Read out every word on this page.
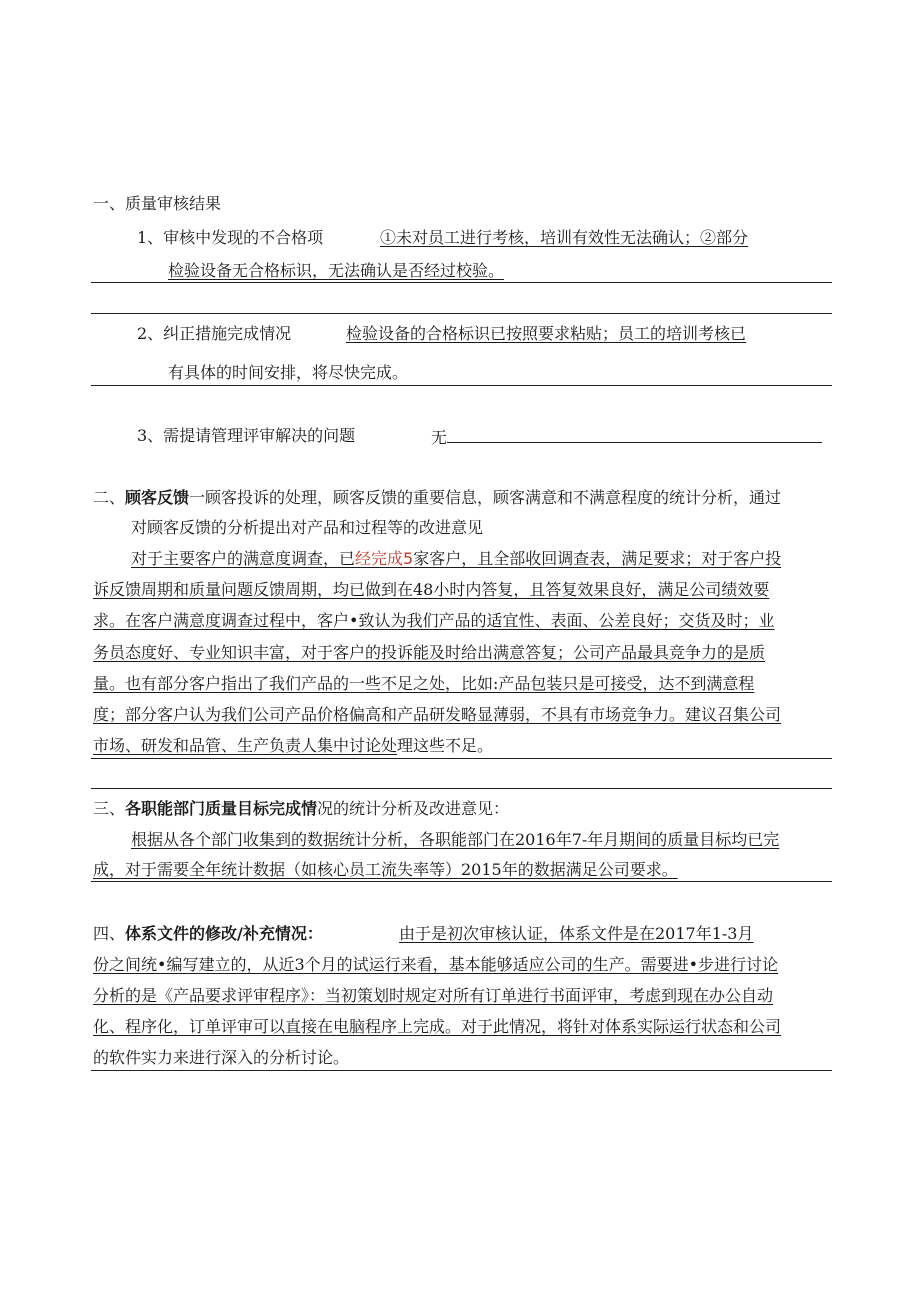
一、质量审核结果
1、审核中发现的不合格项	①未对员工进行考核，培训有效性无法确认；②部分
检验设备无合格标识，无法确认是否经过校验。
2、纠正措施完成情况	检验设备的合格标识已按照要求粘贴；员工的培训考核已
有具体的时间安排，将尽快完成。
3、需提请管理评审解决的问题	无
二、顾客反馈一顾客投诉的处理，顾客反馈的重要信息，顾客满意和不满意程度的统计分析，通过
对顾客反馈的分析提出对产品和过程等的改进意见
对于主要客户的满意度调查，已经完成5家客户，且全部收回调查表，满足要求；对于客户投
诉反馈周期和质量问题反馈周期，均已做到在48小时内答复，且答复效果良好，满足公司绩效要
求。在客户满意度调查过程中，客户•致认为我们产品的适宜性、表面、公差良好；交货及时；业
务员态度好、专业知识丰富，对于客户的投诉能及时给出满意答复；公司产品最具竞争力的是质
量。也有部分客户指出了我们产品的一些不足之处，比如:产品包装只是可接受，达不到满意程
度；部分客户认为我们公司产品价格偏高和产品研发略显薄弱，不具有市场竞争力。建议召集公司
市场、研发和品管、生产负责人集中讨论处理这些不足。
三、各职能部门质量目标完成情况的统计分析及改进意见：
根据从各个部门收集到的数据统计分析，各职能部门在2016年7-年月期间的质量目标均已完
成，对于需要全年统计数据（如核心员工流失率等）2015年的数据满足公司要求。
四、体系文件的修改/补充情况：	由于是初次审核认证，体系文件是在2017年1-3月
份之间统•编写建立的，从近3个月的试运行来看，基本能够适应公司的生产。需要进•步进行讨论
分析的是《产品要求评审程序》：当初策划时规定对所有订单进行书面评审，考虑到现在办公自动
化、程序化，订单评审可以直接在电脑程序上完成。对于此情况，将针对体系实际运行状态和公司
的软件实力来进行深入的分析讨论。
